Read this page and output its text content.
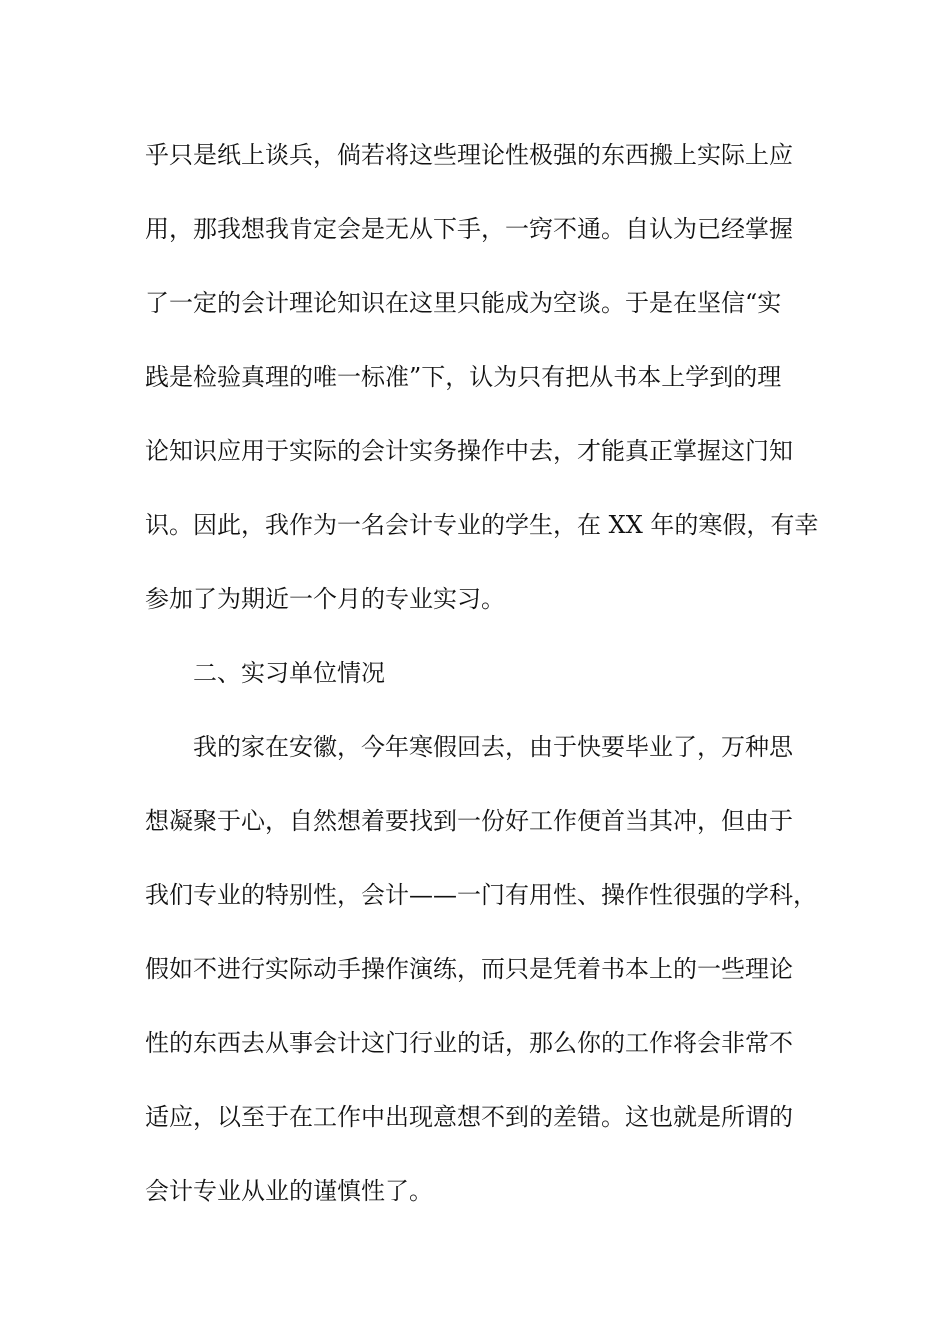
乎只是纸上谈兵，倘若将这些理论性极强的东西搬上实际上应
用，那我想我肯定会是无从下手，一窍不通。自认为已经掌握
了一定的会计理论知识在这里只能成为空谈。于是在坚信“实
践是检验真理的唯一标准”下，认为只有把从书本上学到的理
论知识应用于实际的会计实务操作中去，才能真正掌握这门知
识。因此，我作为一名会计专业的学生，在 XX 年的寒假，有幸
参加了为期近一个月的专业实习。
二、实习单位情况
我的家在安徽，今年寒假回去，由于快要毕业了，万种思
想凝聚于心，自然想着要找到一份好工作便首当其冲，但由于
我们专业的特别性，会计——一门有用性、操作性很强的学科，
假如不进行实际动手操作演练，而只是凭着书本上的一些理论
性的东西去从事会计这门行业的话，那么你的工作将会非常不
适应，以至于在工作中出现意想不到的差错。这也就是所谓的
会计专业从业的谨慎性了。
